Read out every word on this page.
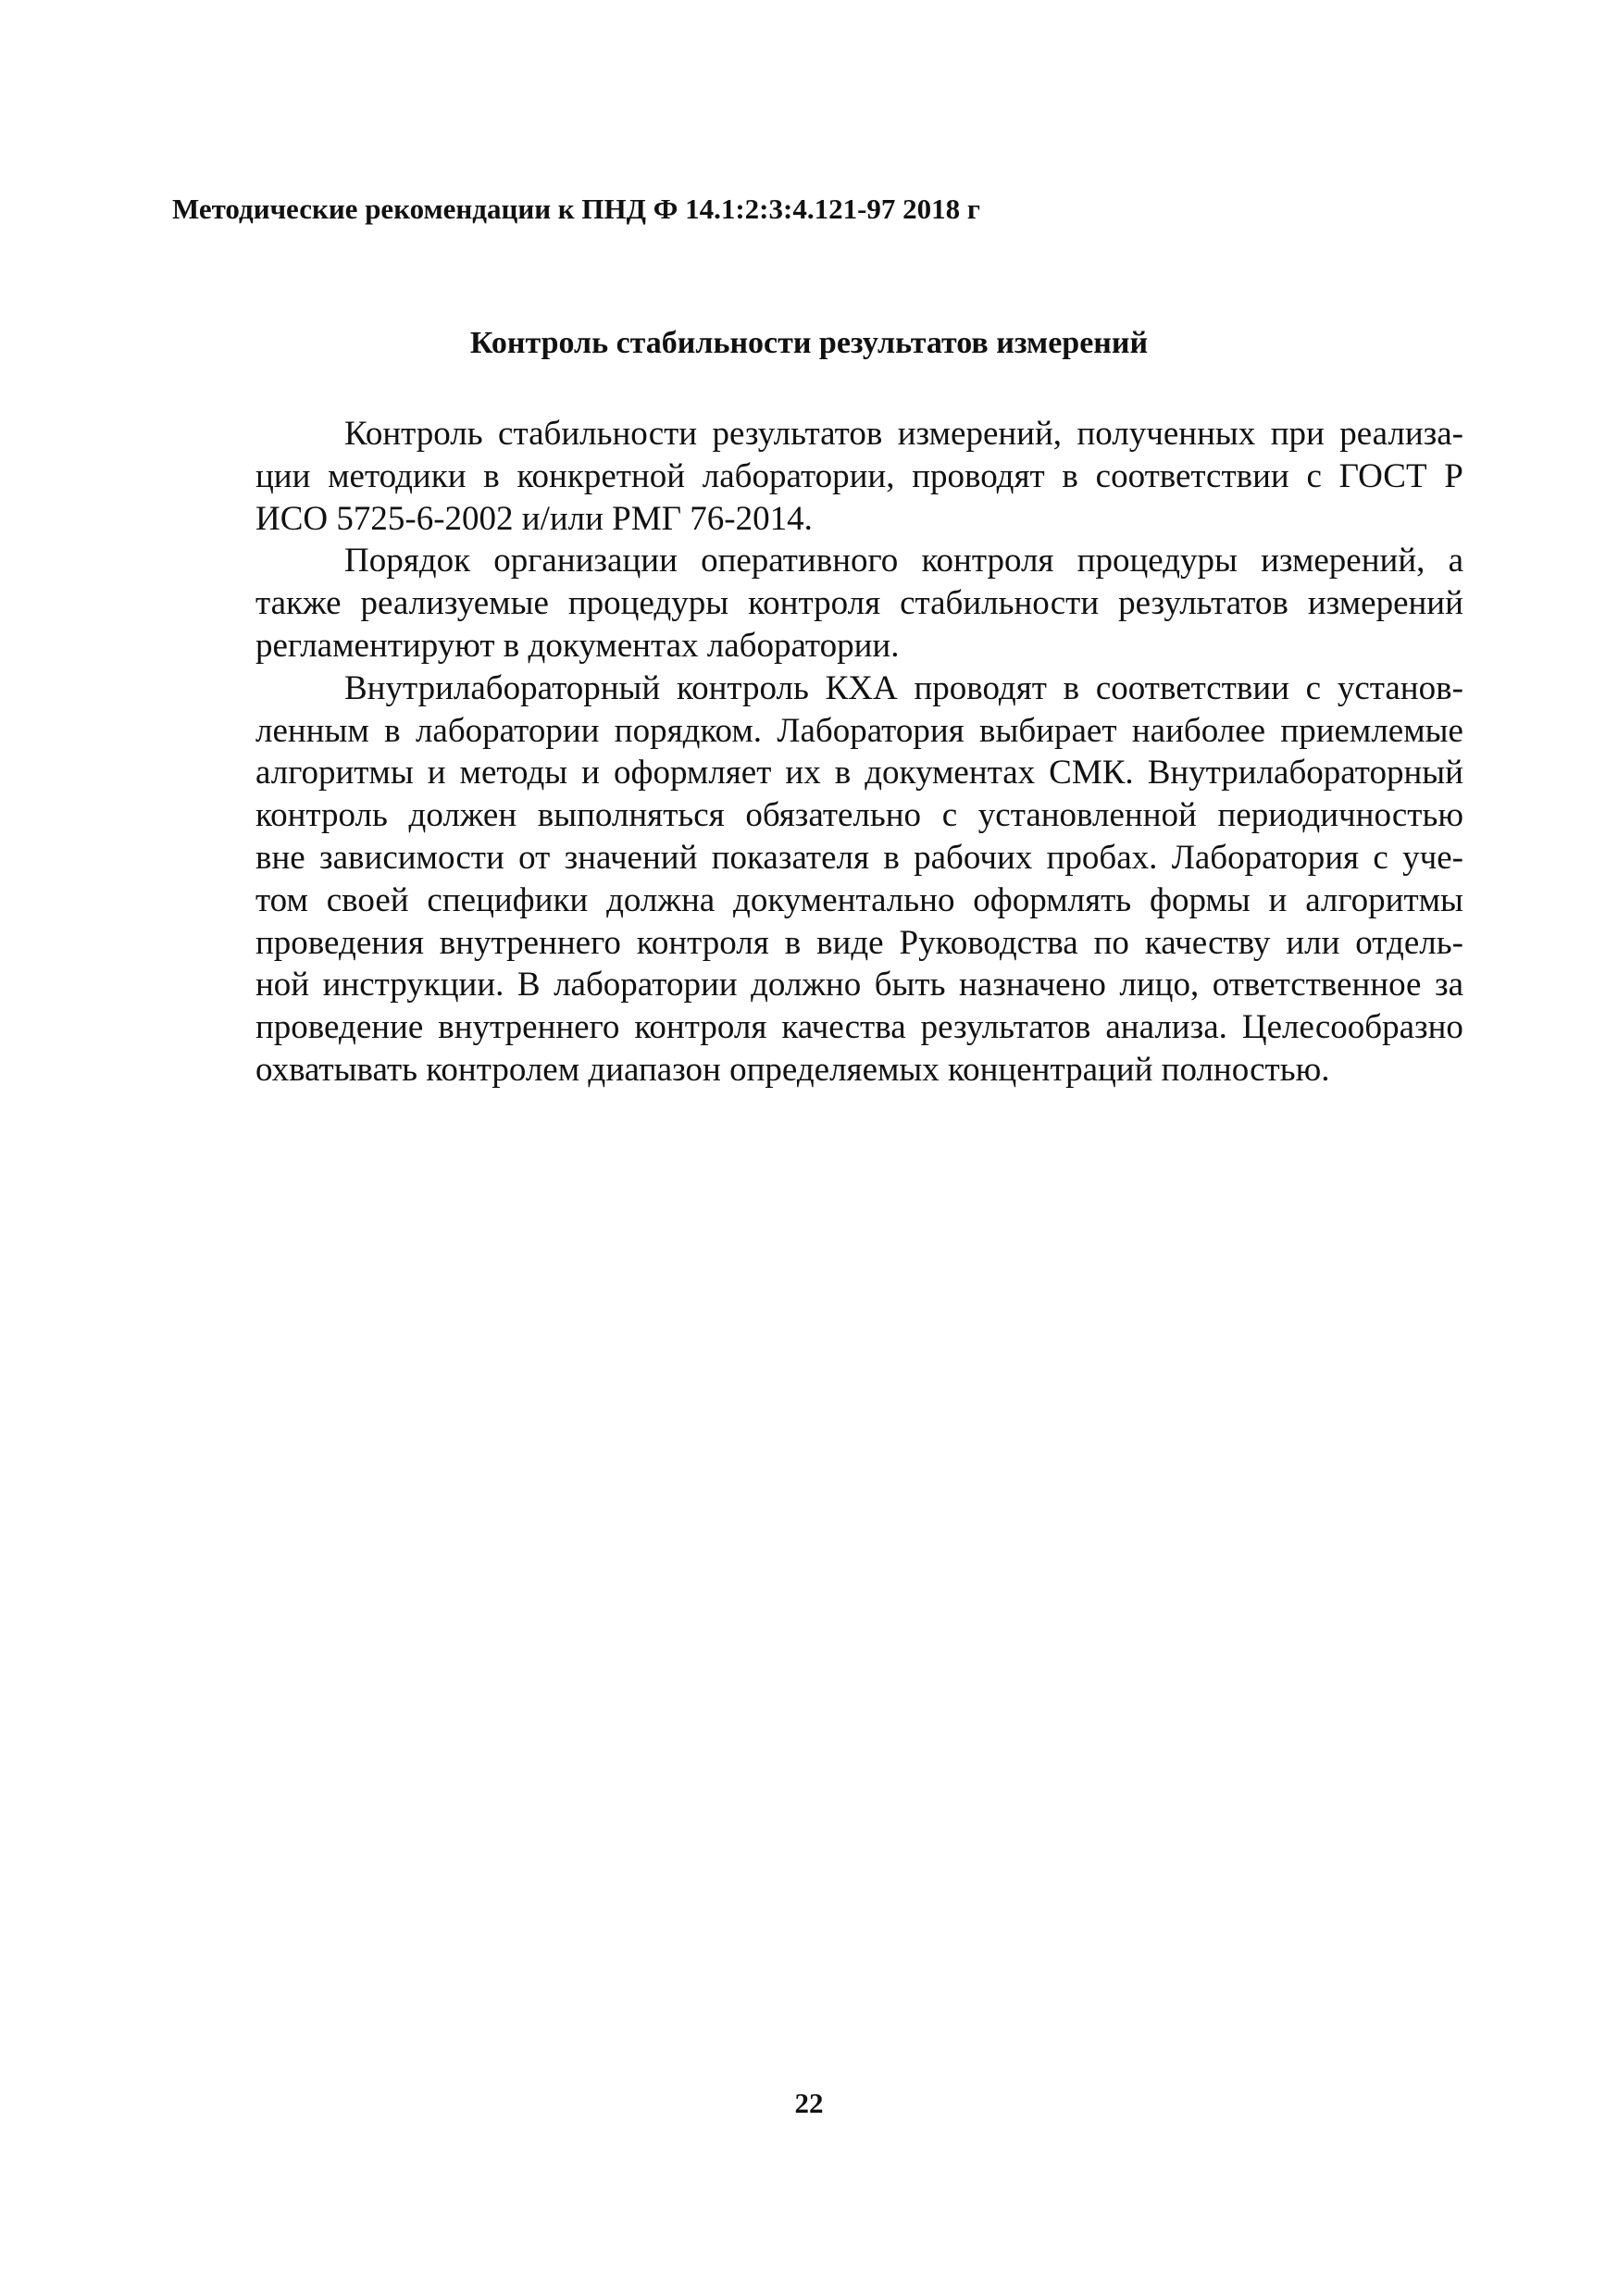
Методические рекомендации к ПНД Ф 14.1:2:3:4.121-97 2018 г
Контроль стабильности результатов измерений
Контроль стабильности результатов измерений, полученных при реализа-
ции методики в конкретной лаборатории, проводят в соответствии с ГОСТ Р
ИСО 5725-6-2002 и/или РМГ 76-2014.
Порядок организации оперативного контроля процедуры измерений, а
также реализуемые процедуры контроля стабильности результатов измерений
регламентируют в документах лаборатории.
Внутрилабораторный контроль КХА проводят в соответствии с установ-
ленным в лаборатории порядком. Лаборатория выбирает наиболее приемлемые
алгоритмы и методы и оформляет их в документах СМК. Внутрилабораторный
контроль должен выполняться обязательно с установленной периодичностью
вне зависимости от значений показателя в рабочих пробах. Лаборатория с уче-
том своей специфики должна документально оформлять формы и алгоритмы
проведения внутреннего контроля в виде Руководства по качеству или отдель-
ной инструкции. В лаборатории должно быть назначено лицо, ответственное за
проведение внутреннего контроля качества результатов анализа. Целесообразно
охватывать контролем диапазон определяемых концентраций полностью.
22
